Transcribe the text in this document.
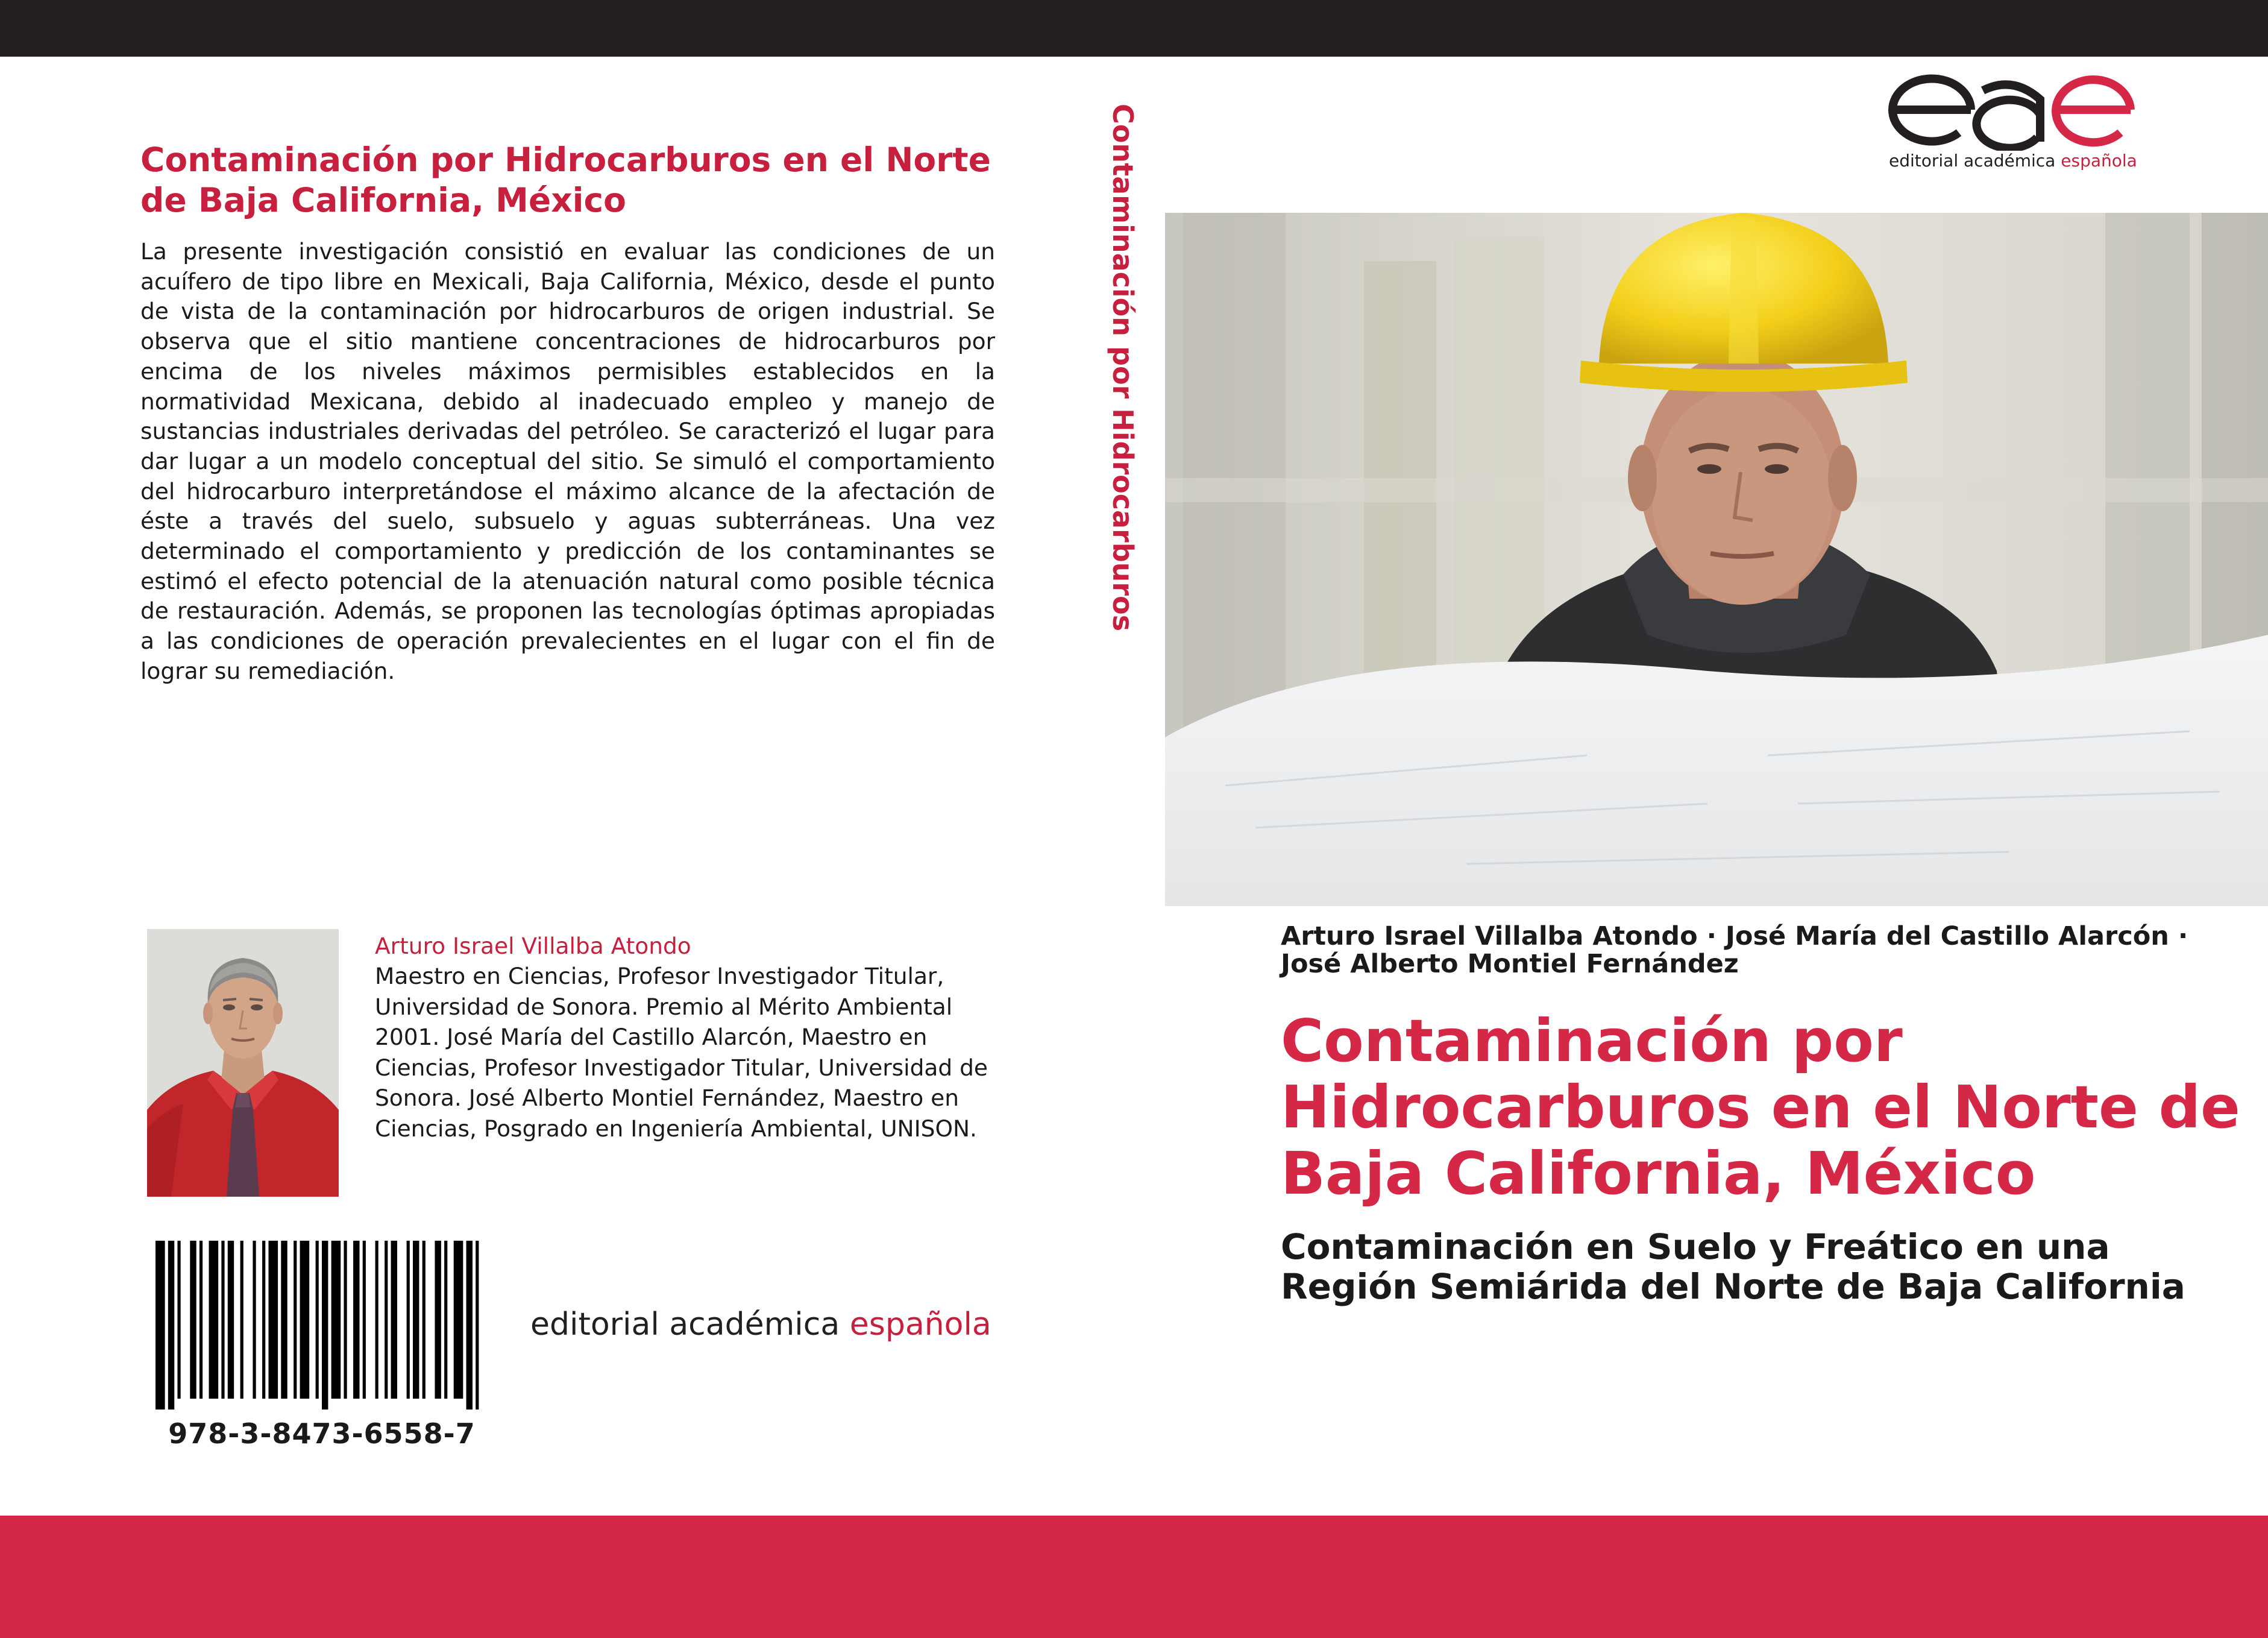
Contaminación por Hidrocarburos en el Norte de Baja California, México
La presente investigación consistió en evaluar las condiciones de un acuífero de tipo libre en Mexicali, Baja California, México, desde el punto de vista de la contaminación por hidrocarburos de origen industrial. Se observa que el sitio mantiene concentraciones de hidrocarburos por encima de los niveles máximos permisibles establecidos en la normatividad Mexicana, debido al inadecuado empleo y manejo de sustancias industriales derivadas del petróleo. Se caracterizó el lugar para dar lugar a un modelo conceptual del sitio. Se simuló el comportamiento del hidrocarburo interpretándose el máximo alcance de la afectación de éste a través del suelo, subsuelo y aguas subterráneas. Una vez determinado el comportamiento y predicción de los contaminantes se estimó el efecto potencial de la atenuación natural como posible técnica de restauración. Además, se proponen las tecnologías óptimas apropiadas a las condiciones de operación prevalecientes en el lugar con el fin de lograr su remediación.
Arturo Israel Villalba Atondo
Maestro en Ciencias, Profesor Investigador Titular, Universidad de Sonora. Premio al Mérito Ambiental 2001. José María del Castillo Alarcón, Maestro en Ciencias, Profesor Investigador Titular, Universidad de Sonora. José Alberto Montiel Fernández, Maestro en Ciencias, Posgrado en Ingeniería Ambiental, UNISON.
978-3-8473-6558-7
editorial académica española
Contaminación por Hidrocarburos	editorial académica española
Arturo Israel Villalba Atondo · José María del Castillo Alarcón · José Alberto Montiel Fernández
Contaminación por Hidrocarburos en el Norte de Baja California, México
Contaminación en Suelo y Freático en una Región Semiárida del Norte de Baja California
